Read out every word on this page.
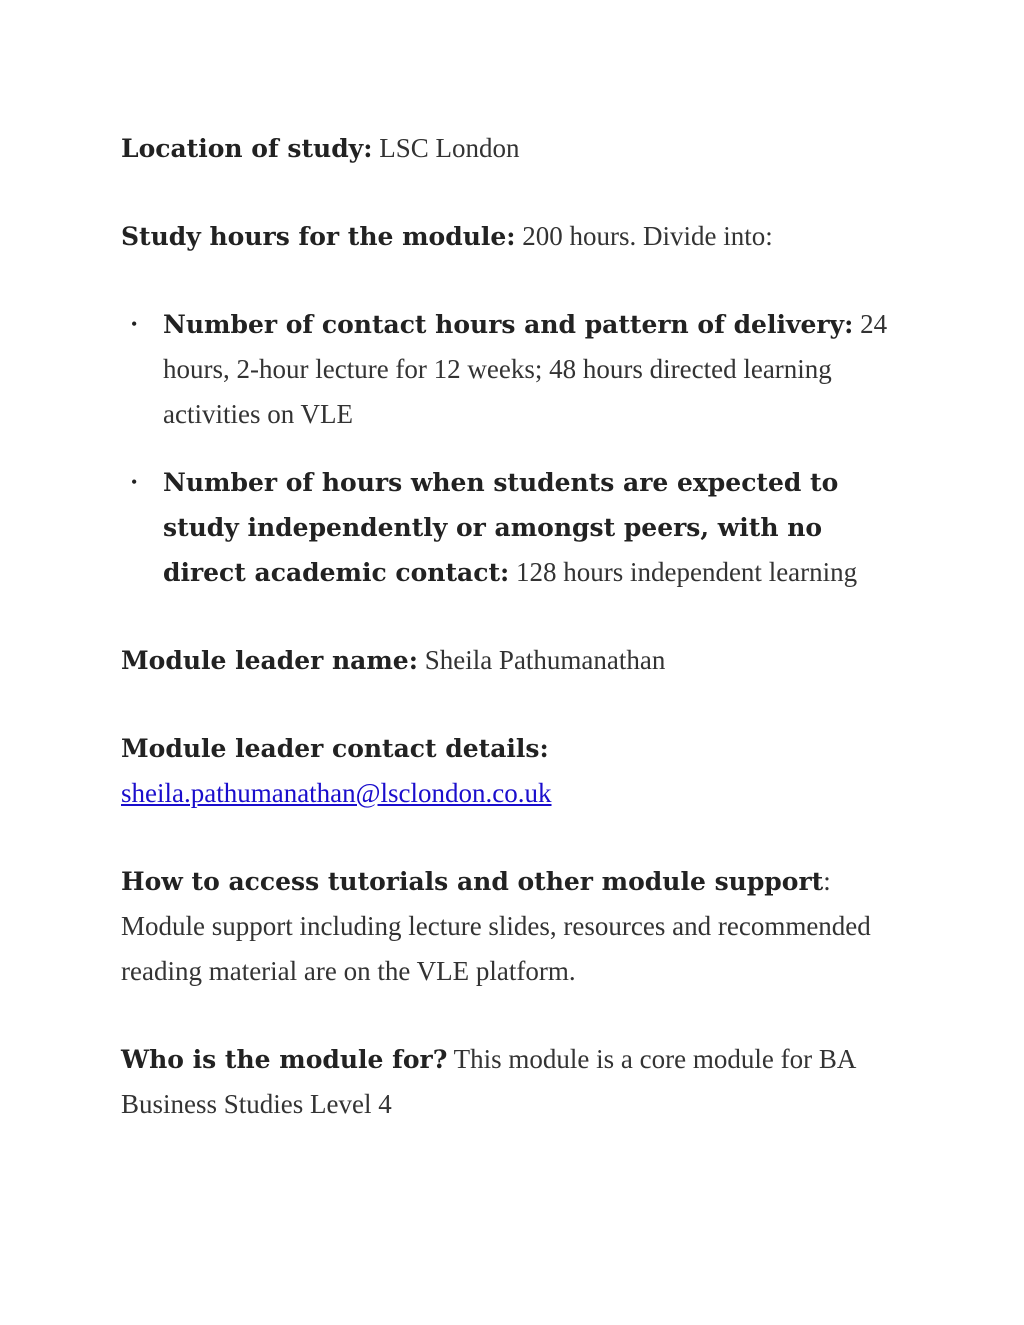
Location of study: LSC London

Study hours for the module: 200 hours. Divide into:

• Number of contact hours and pattern of delivery: 24 hours, 2-hour lecture for 12 weeks; 48 hours directed learning activities on VLE
• Number of hours when students are expected to study independently or amongst peers, with no direct academic contact: 128 hours independent learning

Module leader name: Sheila Pathumanathan

Module leader contact details: sheila.pathumanathan@lsclondon.co.uk

How to access tutorials and other module support: Module support including lecture slides, resources and recommended reading material are on the VLE platform.

Who is the module for? This module is a core module for BA Business Studies Level 4
